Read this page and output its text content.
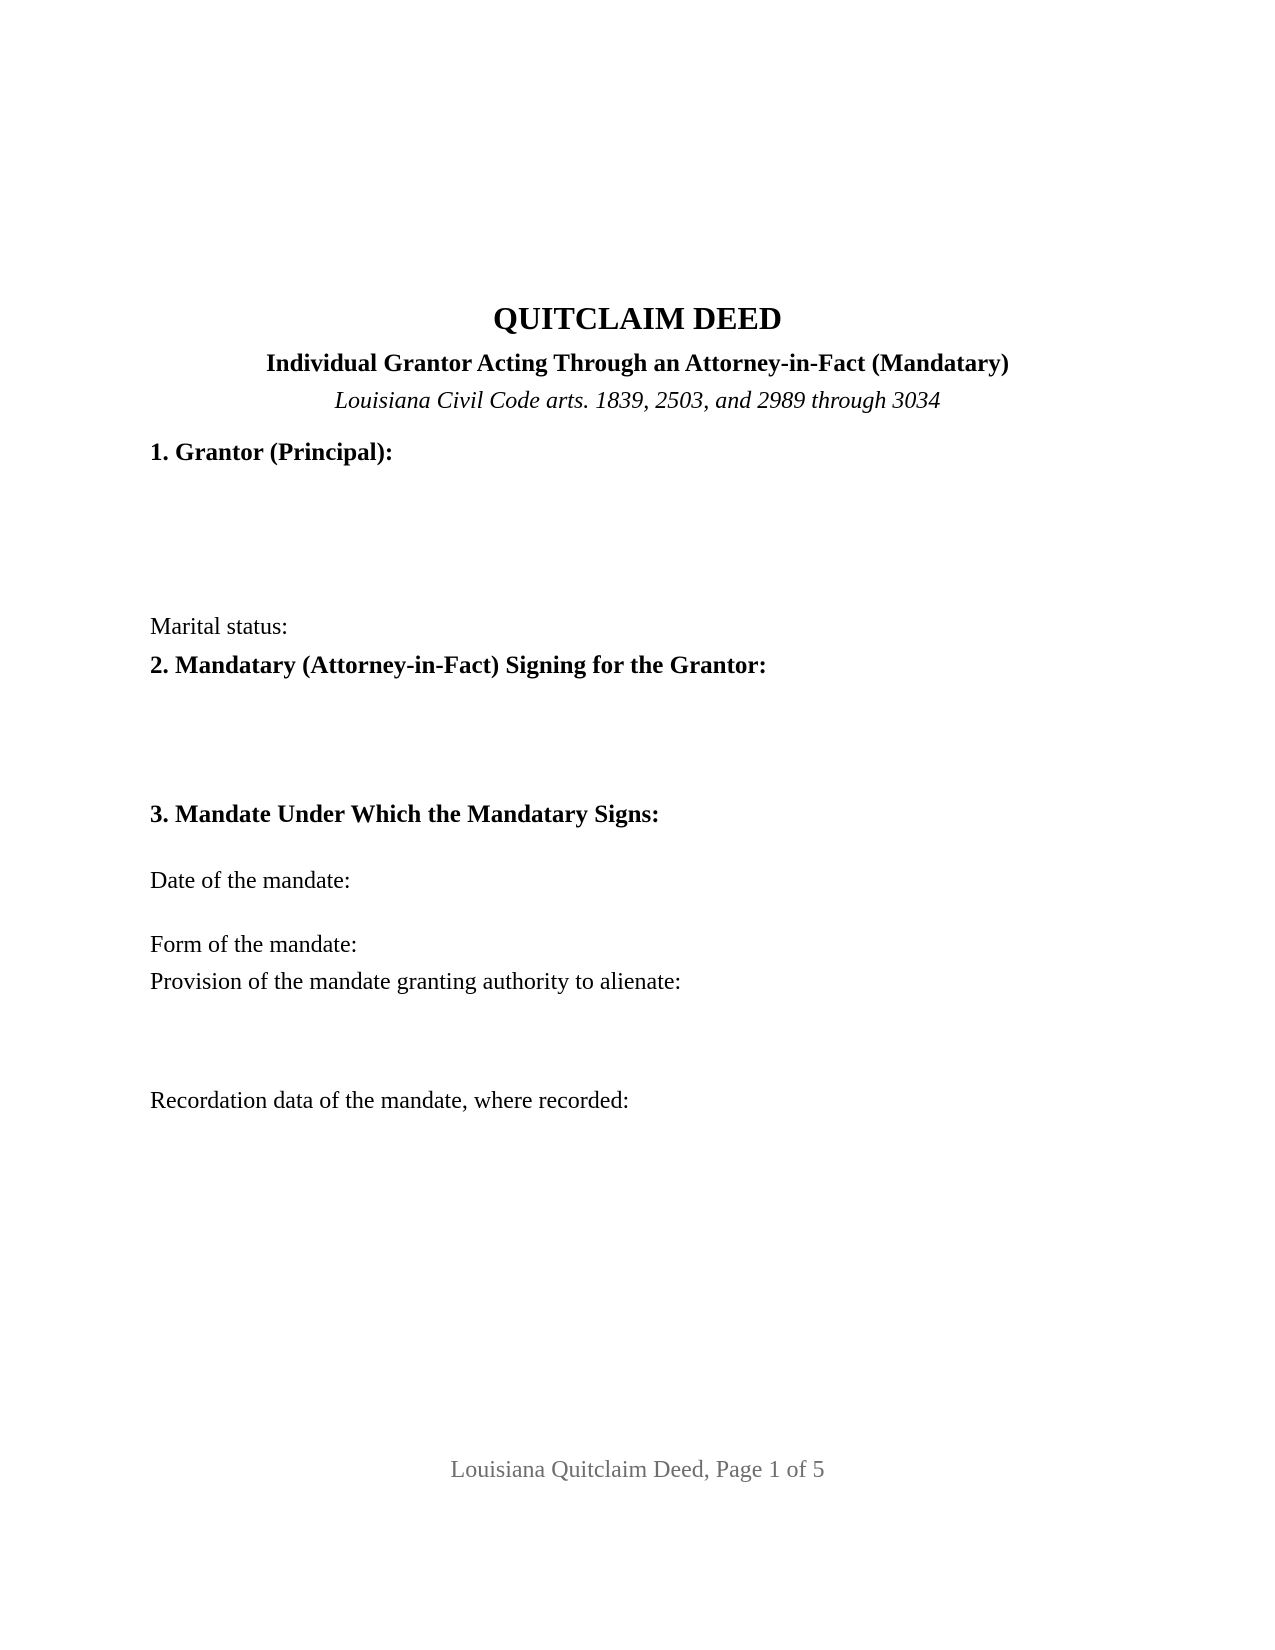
QUITCLAIM DEED
Individual Grantor Acting Through an Attorney-in-Fact (Mandatary)
Louisiana Civil Code arts. 1839, 2503, and 2989 through 3034
1. Grantor (Principal):
Marital status:
2. Mandatary (Attorney-in-Fact) Signing for the Grantor:
3. Mandate Under Which the Mandatary Signs:
Date of the mandate:
Form of the mandate:
Provision of the mandate granting authority to alienate:
Recordation data of the mandate, where recorded:
Louisiana Quitclaim Deed, Page 1 of 5
